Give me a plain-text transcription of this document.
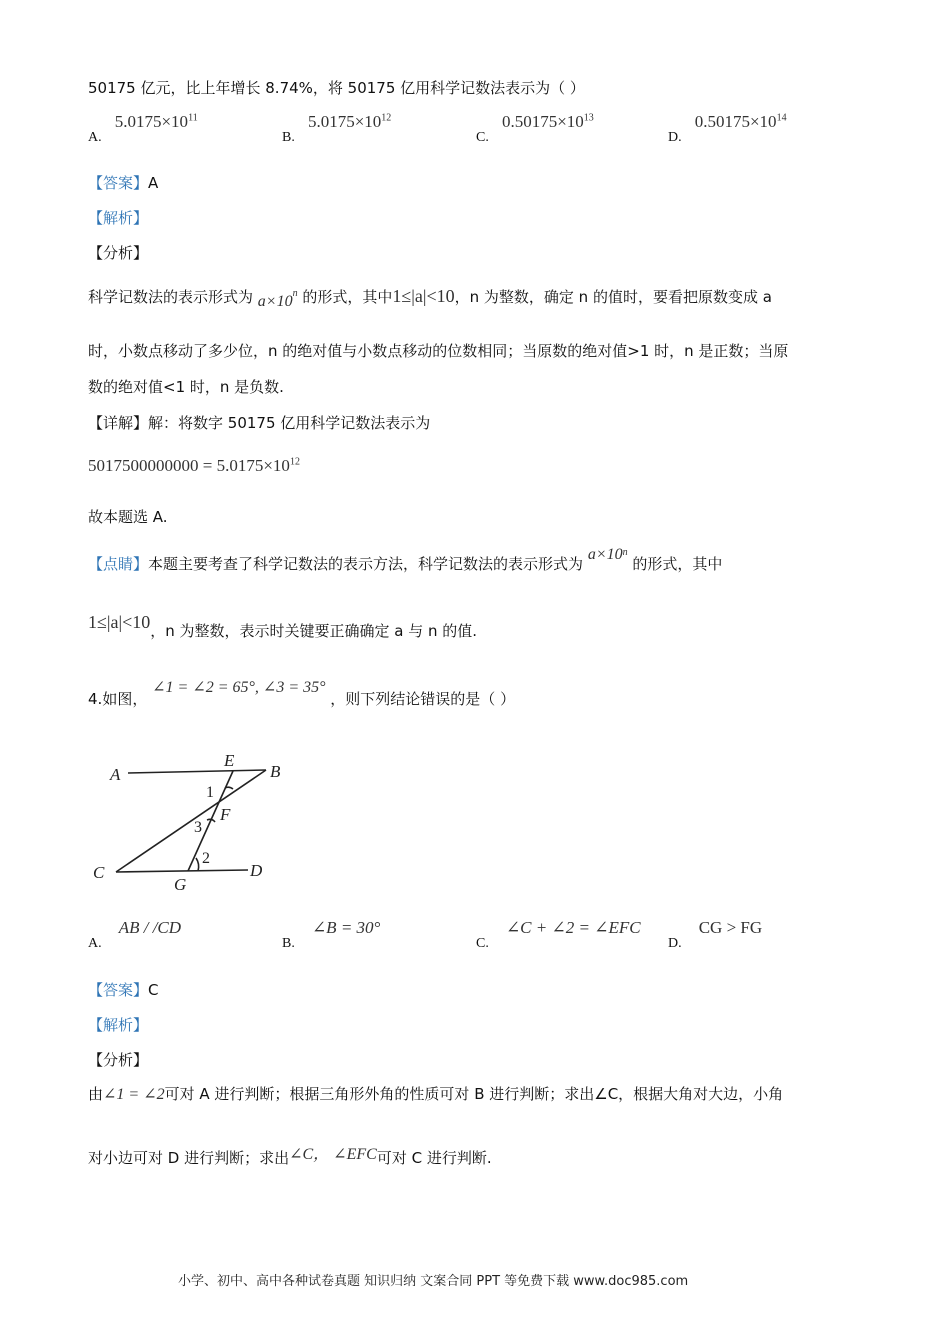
50175 亿元，比上年增长 8.74%，将 50175 亿用科学记数法表示为（ ）
A. $5.0175\times 10^{11}$
B. $5.0175\times 10^{12}$
C. $0.50175\times 10^{13}$
D. $0.50175\times 10^{14}$
【答案】A
【解析】
【分析】
科学记数法的表示形式为 $a\times 10^n$ 的形式，其中1≤|a|<10，n 为整数，确定 n 的值时，要看把原数变成 a
时，小数点移动了多少位，n 的绝对值与小数点移动的位数相同；当原数的绝对值>1 时，n 是正数；当原
数的绝对值<1 时，n 是负数.
【详解】解：将数字 50175 亿用科学记数法表示为
$5017500000000 = 5.0175\times 10^{12}$
故本题选 A.
【点睛】本题主要考查了科学记数法的表示方法，科学记数法的表示形式为 $a\times 10^n$ 的形式，其中
1≤|a|<10，n 为整数，表示时关键要正确确定 a 与 n 的值.
4.如图， ∠1 = ∠2 = 65°, ∠3 = 35° ，则下列结论错误的是（ ）
A	B
C	D
E
F
G
1
2
3
A. AB / /CD
B. ∠B = 30°
C. ∠C + ∠2 = ∠EFC
D. CG > FG
【答案】C
【解析】
【分析】
由∠1 = ∠2可对 A 进行判断；根据三角形外角的性质可对 B 进行判断；求出∠C，根据大角对大边，小角
对小边可对 D 进行判断；求出∠C， ∠EFC可对 C 进行判断.
小学、初中、高中各种试卷真题 知识归纳 文案合同 PPT 等免费下载 www.doc985.com
